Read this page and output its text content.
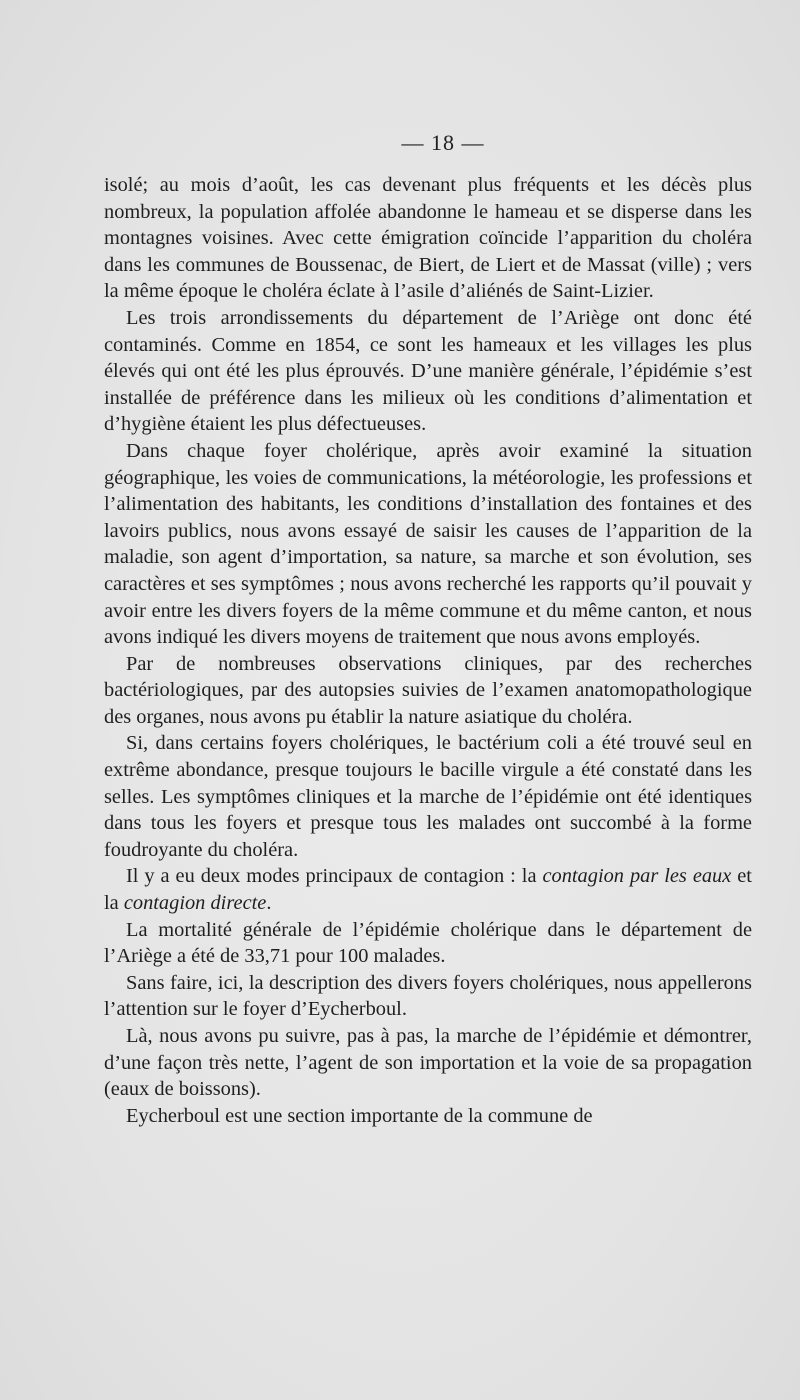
— 18 —

isolé; au mois d’août, les cas devenant plus fréquents et les décès plus nombreux, la population affolée abandonne le hameau et se disperse dans les montagnes voisines. Avec cette émigration coïncide l’apparition du choléra dans les communes de Boussenac, de Biert, de Liert et de Massat (ville) ; vers la même époque le choléra éclate à l’asile d’aliénés de Saint-Lizier.

Les trois arrondissements du département de l’Ariège ont donc été contaminés. Comme en 1854, ce sont les hameaux et les villages les plus élevés qui ont été les plus éprouvés. D’une manière générale, l’épidémie s’est installée de préférence dans les milieux où les conditions d’alimentation et d’hygiène étaient les plus défectueuses.

Dans chaque foyer cholérique, après avoir examiné la situation géographique, les voies de communications, la météorologie, les professions et l’alimentation des habitants, les conditions d’installation des fontaines et des lavoirs publics, nous avons essayé de saisir les causes de l’apparition de la maladie, son agent d’importation, sa nature, sa marche et son évolution, ses caractères et ses symptômes ; nous avons recherché les rapports qu’il pouvait y avoir entre les divers foyers de la même commune et du même canton, et nous avons indiqué les divers moyens de traitement que nous avons employés.

Par de nombreuses observations cliniques, par des recherches bactériologiques, par des autopsies suivies de l’examen anatomopathologique des organes, nous avons pu établir la nature asiatique du choléra.

Si, dans certains foyers cholériques, le bactérium coli a été trouvé seul en extrême abondance, presque toujours le bacille virgule a été constaté dans les selles. Les symptômes cliniques et la marche de l’épidémie ont été identiques dans tous les foyers et presque tous les malades ont succombé à la forme foudroyante du choléra.

Il y a eu deux modes principaux de contagion : la contagion par les eaux et la contagion directe.

La mortalité générale de l’épidémie cholérique dans le département de l’Ariège a été de 33,71 pour 100 malades.

Sans faire, ici, la description des divers foyers cholériques, nous appellerons l’attention sur le foyer d’Eycherboul.

Là, nous avons pu suivre, pas à pas, la marche de l’épidémie et démontrer, d’une façon très nette, l’agent de son importation et la voie de sa propagation (eaux de boissons).

Eycherboul est une section importante de la commune de
